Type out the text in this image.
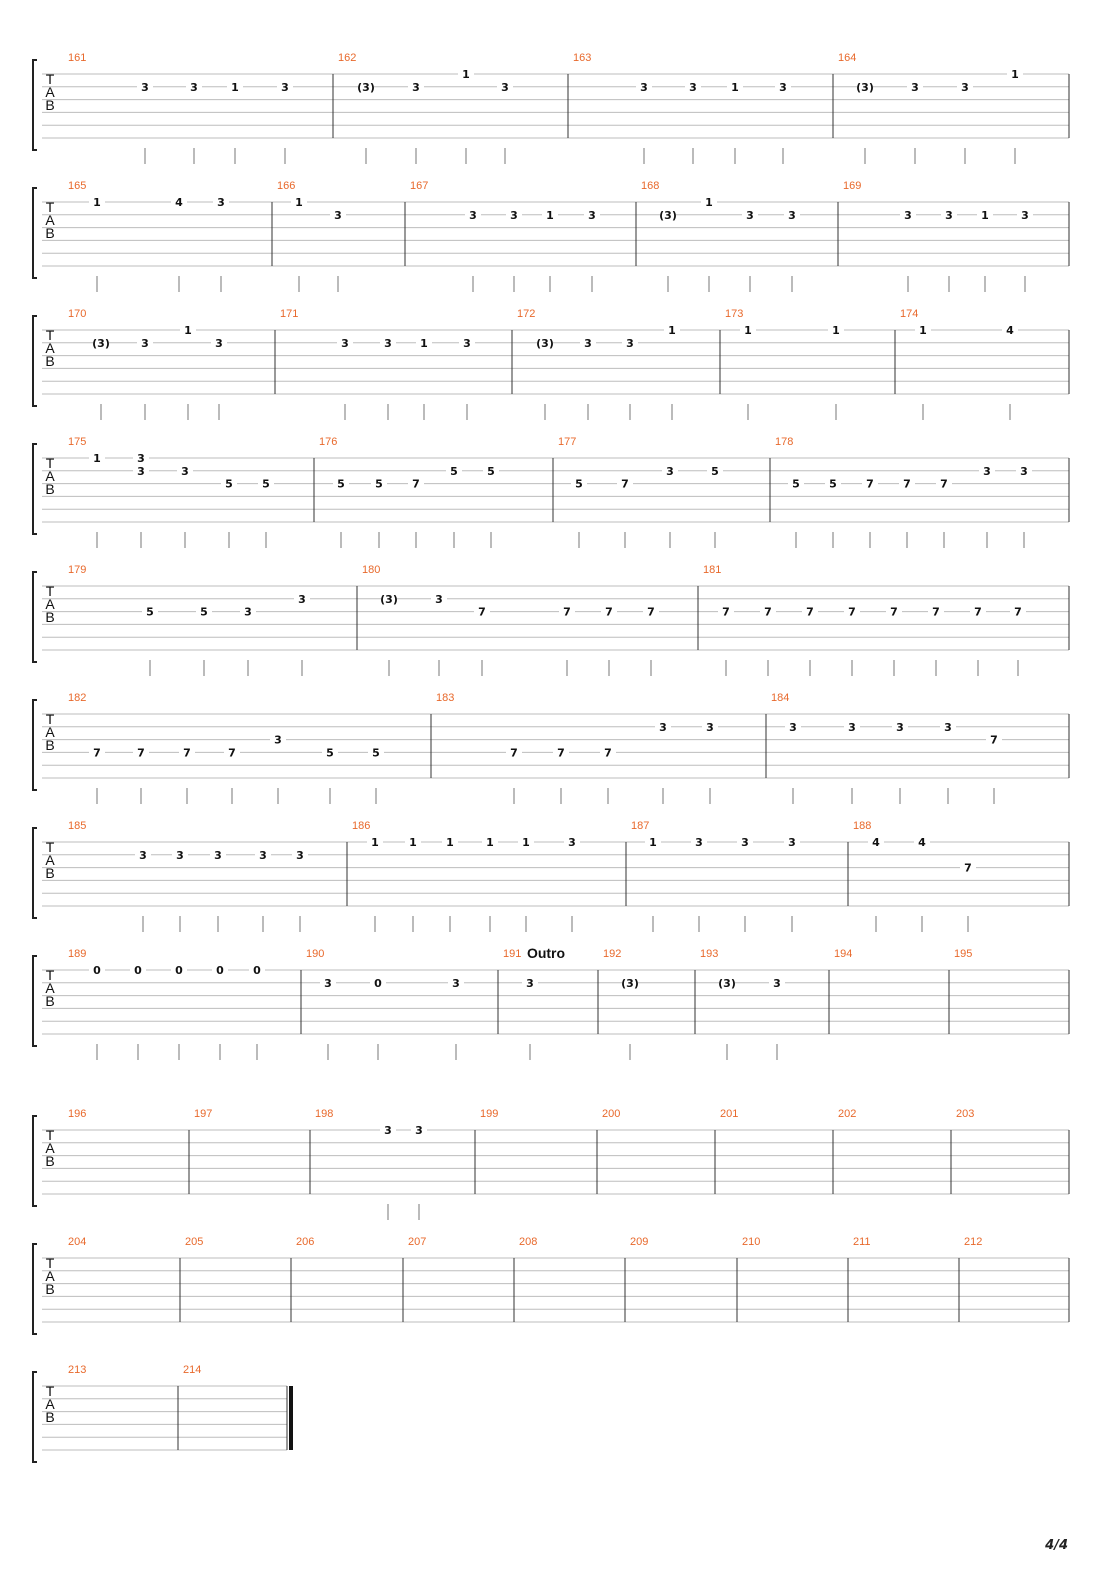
T
A
B
161	162	163	164
3	3	1	3	(3)	3
1
3	3	3	1	3	(3)	3	3
1
T
A
B
165	166	167	168	169
1	4	3	1
3	3	3	1	3	(3)
1
3	3	3	3	1	3
T
A
B
170	171	172	173	174
(3)	3
1
3	3	3	1	3	(3)	3	3
1	1	1	1	4
T
A
B
175	176	177	178
1	3
3	3
5	5	5	5	7
5	5
5	7
3	5
5	5	7	7	7
3	3
T
A
B
179	180	181
5	5	3
3	(3)	3
7	7	7	7	7	7	7	7	7	7	7	7
T
A
B
182	183	184
7	7	7	7
3
5	5	7	7	7
3	3	3	3	3	3
7
T
A
B
185	186	187	188
3	3	3	3	3
1	1	1	1	1	3	1	3	3	3	4	4
7
T
A
B
189	190	191	192	193	194	195
0	0	0	0	0
3	0	3	3	(3)	(3)	3
T
A
B
196	197	198	199	200	201	202	203
3 3
T
A
B
204	205	206	207	208	209	210	211	212
T
A
B
213	214
Outro
4/4
